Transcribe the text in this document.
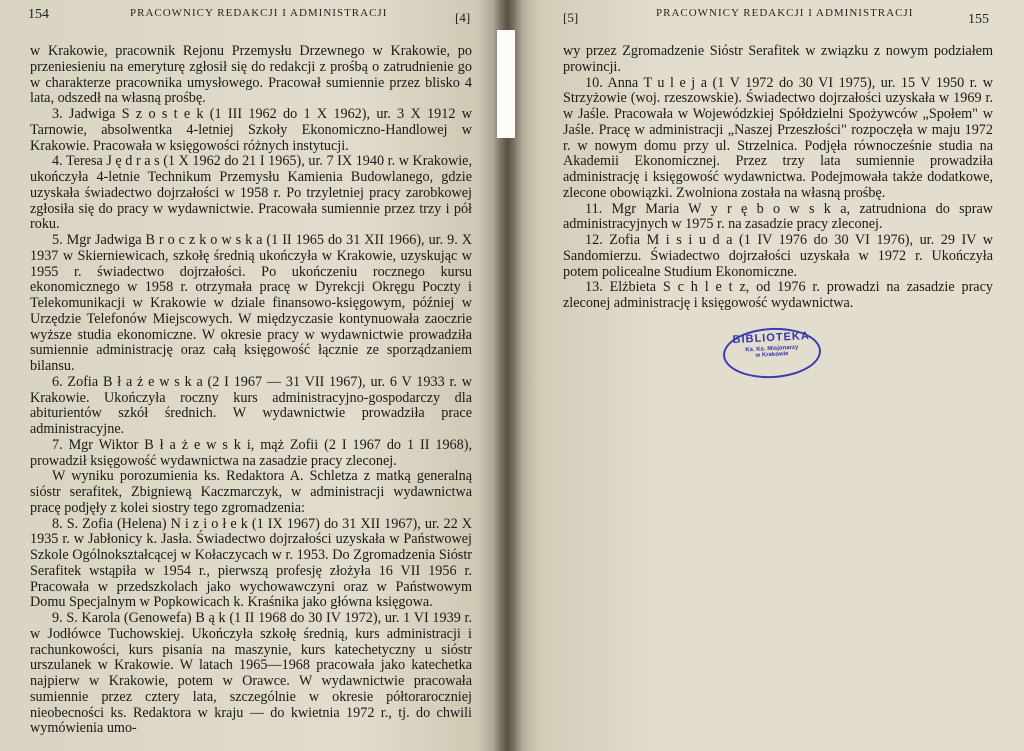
154	PRACOWNICY REDAKCJI I ADMINISTRACJI	[4]

w Krakowie, pracownik Rejonu Przemysłu Drzewnego w Krakowie, po przeniesieniu na emeryturę zgłosił się do redakcji z prośbą o zatrudnienie go w charakterze pracownika umysłowego. Pracował sumiennie przez blisko 4 lata, odszedł na własną prośbę.

3. Jadwiga S z o s t e k (1 III 1962 do 1 X 1962), ur. 3 X 1912 w Tarnowie, absolwentka 4-letniej Szkoły Ekonomiczno-Handlowej w Krakowie. Pracowała w księgowości różnych instytucji.

4. Teresa J ę d r a s (1 X 1962 do 21 I 1965), ur. 7 IX 1940 r. w Krakowie, ukończyła 4-letnie Technikum Przemysłu Kamienia Budowlanego, gdzie uzyskała świadectwo dojrzałości w 1958 r. Po trzyletniej pracy zarobkowej zgłosiła się do pracy w wydawnictwie. Pracowała sumiennie przez trzy i pół roku.

5. Mgr Jadwiga B r o c z k o w s k a (1 II 1965 do 31 XII 1966), ur. 9. X 1937 w Skierniewicach, szkołę średnią ukończyła w Krakowie, uzyskując w 1955 r. świadectwo dojrzałości. Po ukończeniu rocznego kursu ekonomicznego w 1958 r. otrzymała pracę w Dyrekcji Okręgu Poczty i Telekomunikacji w Krakowie w dziale finansowo-księgowym, później w Urzędzie Telefonów Miejscowych. W międzyczasie kontynuowała zaoczrie wyższe studia ekonomiczne. W okresie pracy w wydawnictwie prowadziła sumiennie administrację oraz całą księgowość łącznie ze sporządzaniem bilansu.

6. Zofia B ł a ż e w s k a (2 I 1967 — 31 VII 1967), ur. 6 V 1933 r. w Krakowie. Ukończyła roczny kurs administracyjno-gospodarczy dla abiturientów szkół średnich. W wydawnictwie prowadziła prace administracyjne.

7. Mgr Wiktor B ł a ż e w s k i, mąż Zofii (2 I 1967 do 1 II 1968), prowadził księgowość wydawnictwa na zasadzie pracy zleconej.

W wyniku porozumienia ks. Redaktora A. Schletza z matką generalną sióstr serafitek, Zbigniewą Kaczmarczyk, w administracji wydawnictwa pracę podjęły z kolei siostry tego zgromadzenia:

8. S. Zofia (Helena) N i z i o ł e k (1 IX 1967) do 31 XII 1967), ur. 22 X 1935 r. w Jabłonicy k. Jasła. Świadectwo dojrzałości uzyskała w Państwowej Szkole Ogólnokształcącej w Kołaczycach w r. 1953. Do Zgromadzenia Sióstr Serafitek wstąpiła w 1954 r., pierwszą profesję złożyła 16 VII 1956 r. Pracowała w przedszkolach jako wychowawczyni oraz w Państwowym Domu Specjalnym w Popkowicach k. Kraśnika jako główna księgowa.

9. S. Karola (Genowefa) B ą k (1 II 1968 do 30 IV 1972), ur. 1 VI 1939 r. w Jodłówce Tuchowskiej. Ukończyła szkołę średnią, kurs administracji i rachunkowości, kurs pisania na maszynie, kurs katechetyczny u sióstr urszulanek w Krakowie. W latach 1965—1968 pracowała jako katechetka najpierw w Krakowie, potem w Orawce. W wydawnictwie pracowała sumiennie przez cztery lata, szczególnie w okresie półtoraroczniej nieobecności ks. Redaktora w kraju — do kwietnia 1972 r., tj. do chwili wymówienia umo-

[5]	PRACOWNICY REDAKCJI I ADMINISTRACJI	155

wy przez Zgromadzenie Sióstr Serafitek w związku z nowym podziałem prowincji.

10. Anna T u l e j a (1 V 1972 do 30 VI 1975), ur. 15 V 1950 r. w Strzyżowie (woj. rzeszowskie). Świadectwo dojrzałości uzyskała w 1969 r. w Jaśle. Pracowała w Wojewódzkiej Spółdzielni Spożywców „Społem" w Jaśle. Pracę w administracji „Naszej Przeszłości" rozpoczęła w maju 1972 r. w nowym domu przy ul. Strzelnica. Podjęła równocześnie studia na Akademii Ekonomicznej. Przez trzy lata sumiennie prowadziła administrację i księgowość wydawnictwa. Podejmowała także dodatkowe, zlecone obowiązki. Zwolniona została na własną prośbę.

11. Mgr Maria W y r ę b o w s k a, zatrudniona do spraw administracyjnych w 1975 r. na zasadzie pracy zleconej.

12. Zofia M i s i u d a (1 IV 1976 do 30 VI 1976), ur. 29 IV w Sandomierzu. Świadectwo dojrzałości uzyskała w 1972 r. Ukończyła potem policealne Studium Ekonomiczne.

13. Elżbieta S c h l e t z, od 1976 r. prowadzi na zasadzie pracy zleconej administrację i księgowość wydawnictwa.

BIBLIOTEKA
Ks. Ks. Misjonarzy
w Krakowie
